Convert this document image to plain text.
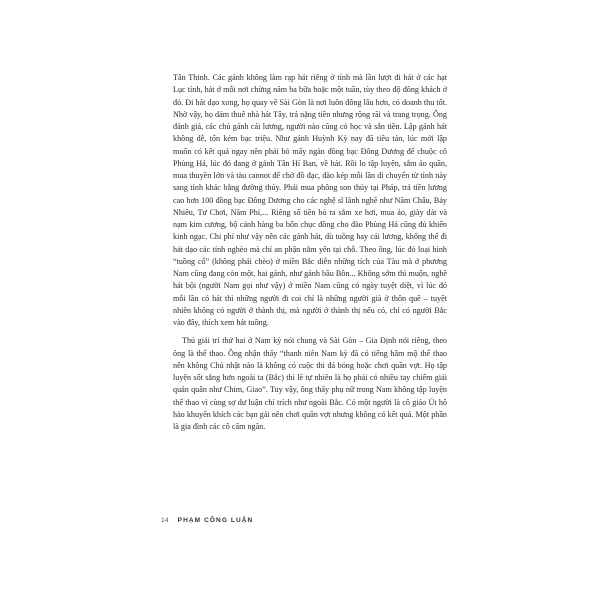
Tân Thinh. Các gánh không làm rạp hát riêng ở tỉnh mà lần lượt đi hát ở các hạt Lục tỉnh, hát ở mỗi nơi chừng năm ba bữa hoặc một tuần, tùy theo độ đông khách ở đó. Đi hát dạo xong, họ quay về Sài Gòn là nơi luôn đông lâu hơn, có doanh thu tốt. Nhờ vậy, họ dám thuê nhà hát Tây, trả nặng tiền nhưng rộng rãi và trang trọng. Ông đánh giá, các chủ gánh cải lương, người nào cũng có học và sẵn tiền. Lập gánh hát không dễ, tốn kém bạc triệu. Như gánh Huỳnh Kỳ nay đã tiêu tán, lúc mới lập muốn có kết quả ngay nên phải bỏ mấy ngàn đồng bạc Đông Dương để chuộc cô Phùng Há, lúc đó đang ở gánh Tân Hí Ban, về hát. Rồi lo tập luyện, sắm áo quần, mua thuyền lớn và tàu cannot để chở đồ đạc, đào kép mỗi lần di chuyển từ tỉnh này sang tỉnh khác bằng đường thủy. Phải mua phông son thủy tại Pháp, trả tiền lương cao hơn 100 đồng bạc Đông Dương cho các nghệ sĩ lãnh nghề như Năm Châu, Bảy Nhiêu, Tư Chơi, Năm Phỉ,... Riêng số tiền bỏ ra sắm xe hơi, mua áo, giày dát và nạm kim cương, bộ cánh hàng ba bốn chục đồng cho đào Phùng Há cũng đủ khiến kinh ngạc. Chi phí như vậy nên các gánh hát, dù tuồng hay cải lương, không thể đi hát dạo các tỉnh nghèo mà chỉ an phận nằm yên tại chỗ. Theo ông, lúc đó loại hình “tuồng cổ” (không phải chèo) ở miền Bắc diễn những tích của Tàu mà ở phương Nam cũng đang còn một, hai gánh, như gánh bầu Bôn... Không sớm thì muộn, nghề hát bội (người Nam gọi như vậy) ở miền Nam cũng có ngày tuyệt diệt, vì lúc đó mỗi lần có hát thì những người đi coi chỉ là những người già ở thôn quê – tuyệt nhiên không có người ở thành thị, mà người ở thành thị nếu có, chỉ có người Bắc vào đây, thích xem hát tuồng.

Thú giải trí thứ hai ở Nam kỳ nói chung và Sài Gòn – Gia Định nói riêng, theo ông là thể thao. Ông nhận thấy “thanh niên Nam kỳ đã có tiếng hâm mộ thể thao nên không Chủ nhật nào là không có cuộc thi đá bóng hoặc chơi quần vợt. Họ tập luyện sốt sắng hơn ngoài ta (Bắc) thì lẽ tự nhiên là họ phải có nhiều tay chiếm giải quán quân như Chim, Giao”. Tuy vậy, ông thấy phụ nữ trong Nam không tập luyện thể thao vì cùng sợ dư luận chỉ trích như ngoài Bắc. Có một người là cô giáo Út hô hào khuyến khích các bạn gái nên chơi quần vợt nhưng không có kết quả. Một phần là gia đình các cô cấm ngăn.

14 PHẠM CÔNG LUẬN
